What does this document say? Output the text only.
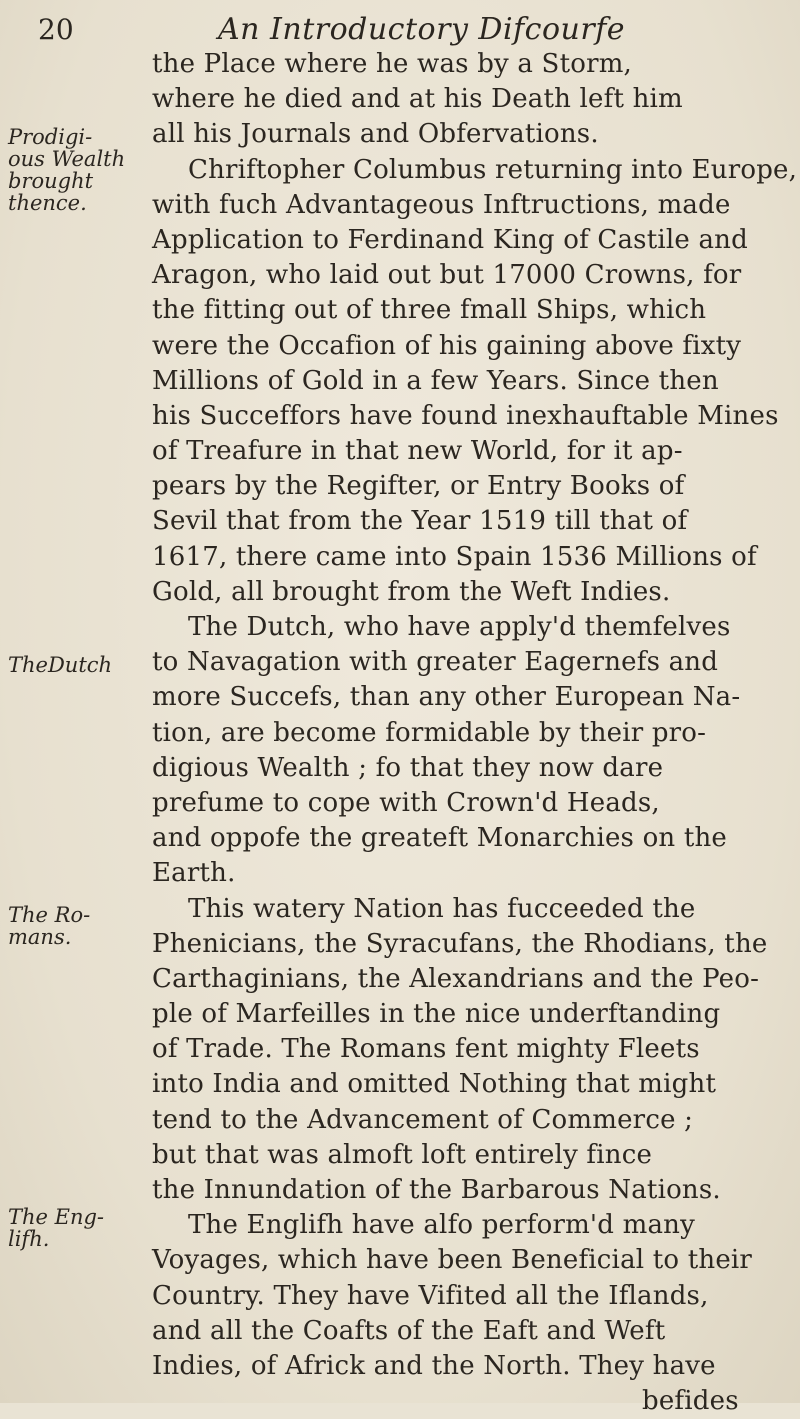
20	An Introductory Difcourfe
Prodigi-
ous Wealth
brought
thence.
TheDutch
The Ro-
mans.
The Eng-
lifh.
the Place where he was by a Storm,
where he died and at his Death left him
all his Journals and Obfervations.
Chriftopher Columbus returning into Europe,
with fuch Advantageous Inftructions, made
Application to Ferdinand King of Castile and
Aragon, who laid out but 17000 Crowns, for
the fitting out of three fmall Ships, which
were the Occafion of his gaining above fixty
Millions of Gold in a few Years. Since then
his Succeffors have found inexhauftable Mines
of Treafure in that new World, for it ap-
pears by the Regifter, or Entry Books of
Sevil that from the Year 1519 till that of
1617, there came into Spain 1536 Millions of
Gold, all brought from the Weft Indies.
The Dutch, who have apply'd themfelves
to Navagation with greater Eagernefs and
more Succefs, than any other European Na-
tion, are become formidable by their pro-
digious Wealth ; fo that they now dare
prefume to cope with Crown'd Heads,
and oppofe the greateft Monarchies on the
Earth.
This watery Nation has fucceeded the
Phenicians, the Syracufans, the Rhodians, the
Carthaginians, the Alexandrians and the Peo-
ple of Marfeilles in the nice underftanding
of Trade. The Romans fent mighty Fleets
into India and omitted Nothing that might
tend to the Advancement of Commerce ;
but that was almoft loft entirely fince
the Innundation of the Barbarous Nations.
The Englifh have alfo perform'd many
Voyages, which have been Beneficial to their
Country. They have Vifited all the Iflands,
and all the Coafts of the Eaft and Weft
Indies, of Africk and the North. They have
befides
